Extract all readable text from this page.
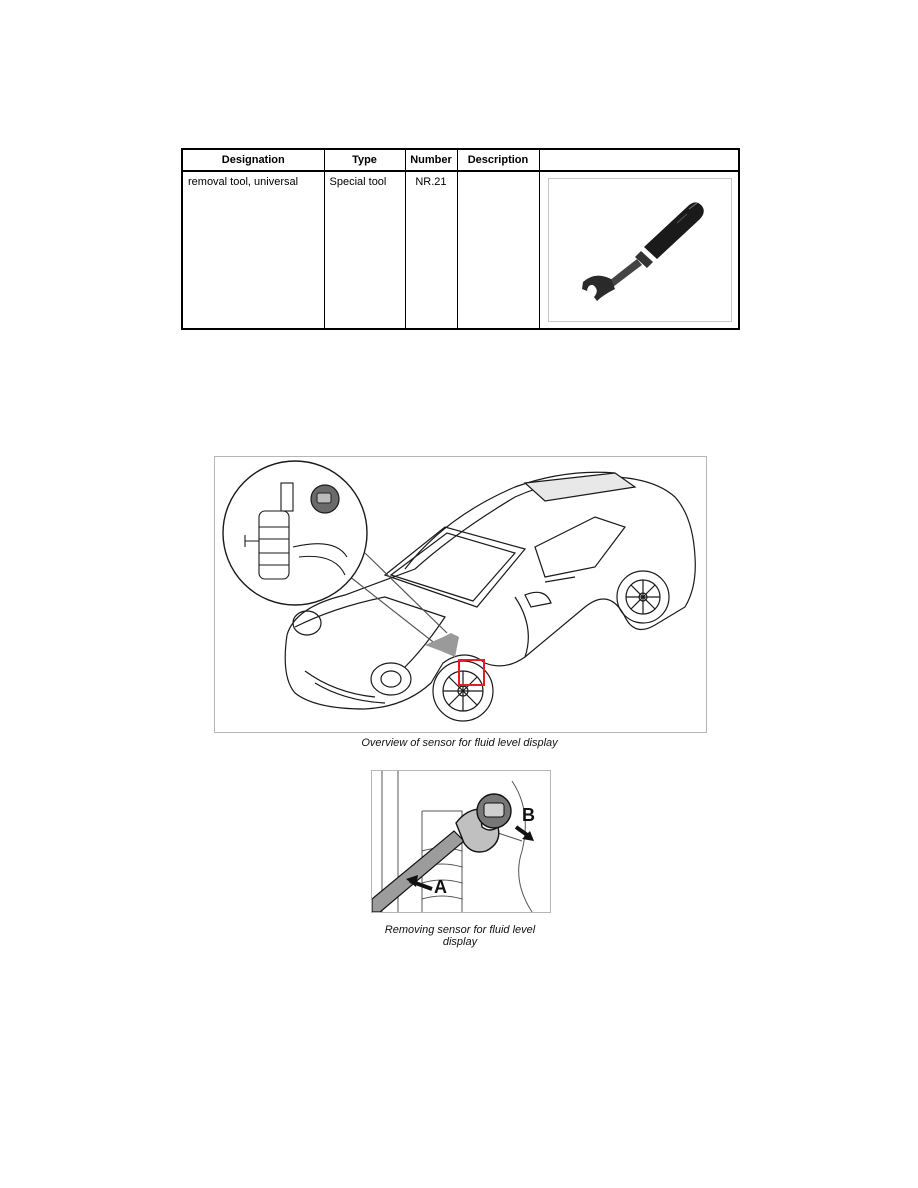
Designation	Type	Number	Description	
removal tool, universal	Special tool	NR.21		
Overview of sensor for fluid level display
A
B
Removing sensor for fluid level
display
